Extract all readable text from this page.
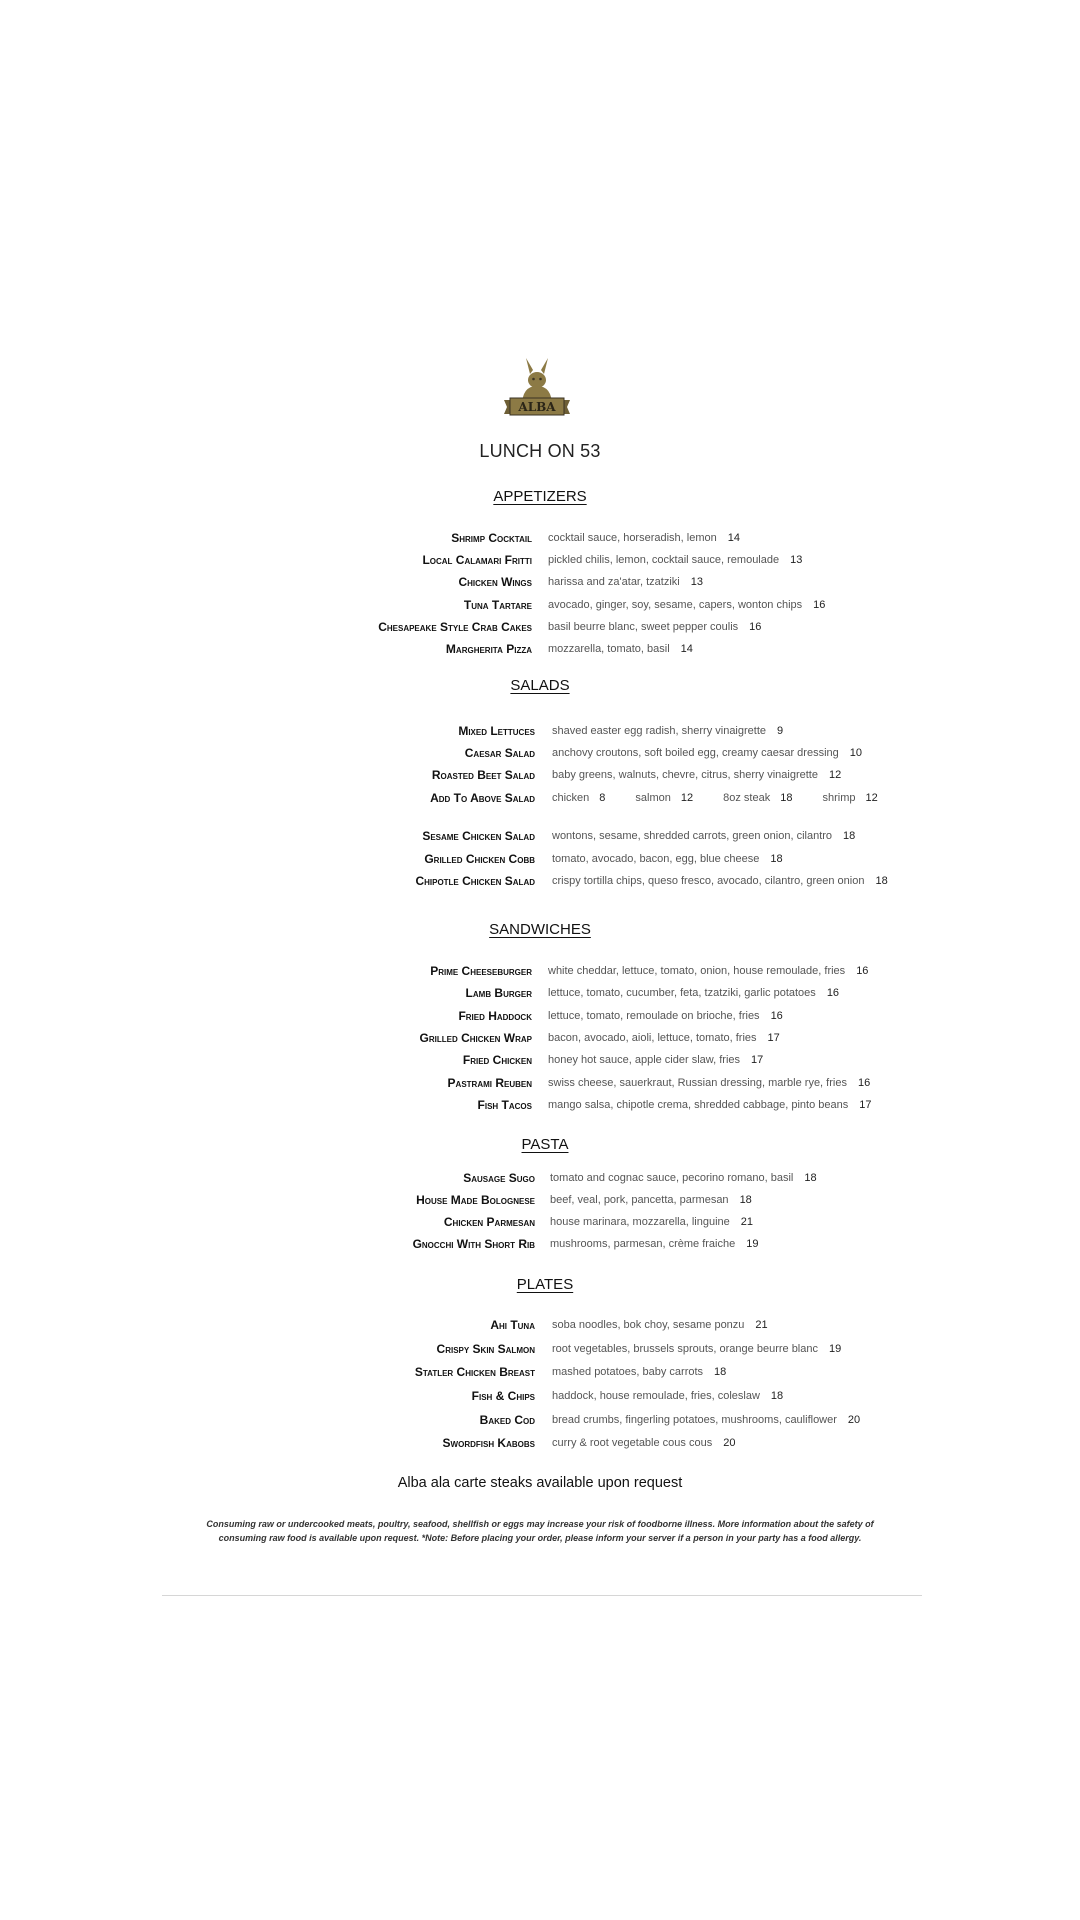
ALBA
LUNCH ON 53
APPETIZERS
Shrimp Cocktail cocktail sauce, horseradish, lemon 14
Local Calamari Fritti pickled chilis, lemon, cocktail sauce, remoulade 13
Chicken Wings harissa and za'atar, tzatziki 13
Tuna Tartare avocado, ginger, soy, sesame, capers, wonton chips 16
Chesapeake Style Crab Cakes basil beurre blanc, sweet pepper coulis 16
Margherita Pizza mozzarella, tomato, basil 14
SALADS
Mixed Lettuces shaved easter egg radish, sherry vinaigrette 9
Caesar Salad anchovy croutons, soft boiled egg, creamy caesar dressing 10
Roasted Beet Salad baby greens, walnuts, chevre, citrus, sherry vinaigrette 12
Add To Above Salad chicken 8	salmon 12	8oz steak 18	shrimp 12
Sesame Chicken Salad wontons, sesame, shredded carrots, green onion, cilantro 18
Grilled Chicken Cobb tomato, avocado, bacon, egg, blue cheese 18
Chipotle Chicken Salad crispy tortilla chips, queso fresco, avocado, cilantro, green onion 18
SANDWICHES
Prime Cheeseburger white cheddar, lettuce, tomato, onion, house remoulade, fries 16
Lamb Burger lettuce, tomato, cucumber, feta, tzatziki, garlic potatoes 16
Fried Haddock lettuce, tomato, remoulade on brioche, fries 16
Grilled Chicken Wrap bacon, avocado, aioli, lettuce, tomato, fries 17
Fried Chicken honey hot sauce, apple cider slaw, fries 17
Pastrami Reuben swiss cheese, sauerkraut, Russian dressing, marble rye, fries 16
Fish Tacos mango salsa, chipotle crema, shredded cabbage, pinto beans 17
PASTA
Sausage Sugo tomato and cognac sauce, pecorino romano, basil 18
House Made Bolognese beef, veal, pork, pancetta, parmesan 18
Chicken Parmesan house marinara, mozzarella, linguine 21
Gnocchi With Short Rib mushrooms, parmesan, crème fraiche 19
PLATES
Ahi Tuna soba noodles, bok choy, sesame ponzu 21
Crispy Skin Salmon root vegetables, brussels sprouts, orange beurre blanc 19
Statler Chicken Breast mashed potatoes, baby carrots 18
Fish & Chips haddock, house remoulade, fries, coleslaw 18
Baked Cod bread crumbs, fingerling potatoes, mushrooms, cauliflower 20
Swordfish Kabobs curry & root vegetable cous cous 20
Alba ala carte steaks available upon request
Consuming raw or undercooked meats, poultry, seafood, shellfish or eggs may increase your risk of foodborne illness. More information about the safety of
consuming raw food is available upon request. *Note: Before placing your order, please inform your server if a person in your party has a food allergy.
